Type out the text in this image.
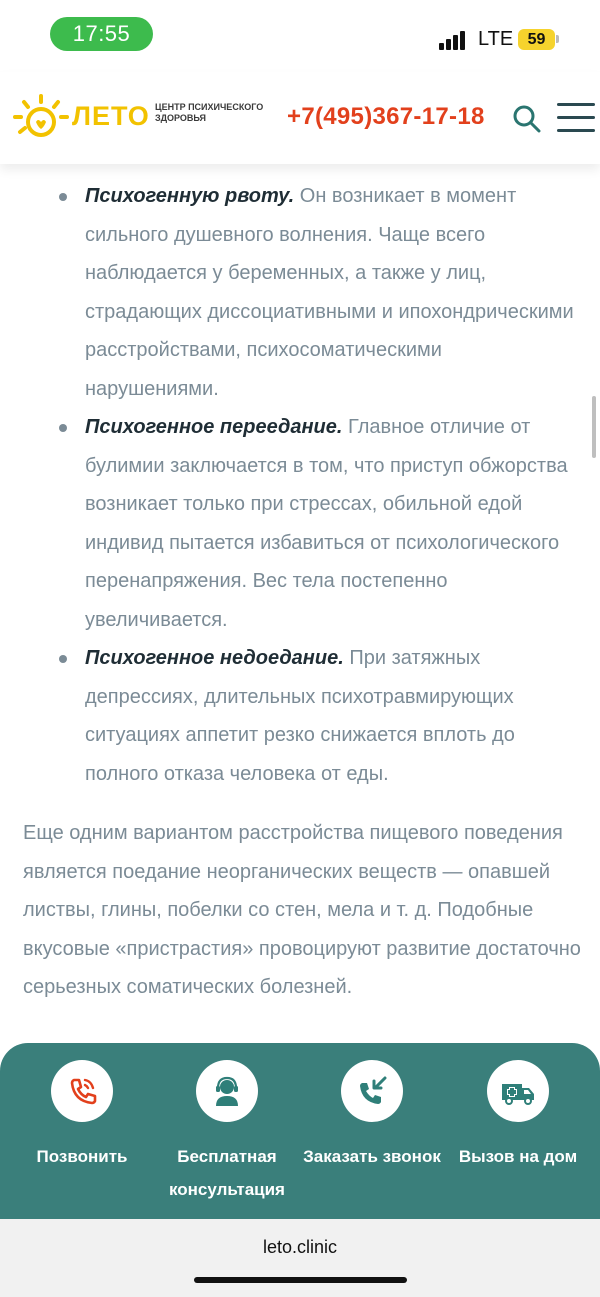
17:55	LTE 59
ЛЕТО ЦЕНТР ПСИХИЧЕСКОГО ЗДОРОВЬЯ	+7(495)367-17-18
Психогенную рвоту. Он возникает в момент сильного душевного волнения. Чаще всего наблюдается у беременных, а также у лиц, страдающих диссоциативными и ипохондрическими расстройствами, психосоматическими нарушениями.
Психогенное переедание. Главное отличие от булимии заключается в том, что приступ обжорства возникает только при стрессах, обильной едой индивид пытается избавиться от психологического перенапряжения. Вес тела постепенно увеличивается.
Психогенное недоедание. При затяжных депрессиях, длительных психотравмирующих ситуациях аппетит резко снижается вплоть до полного отказа человека от еды.

Еще одним вариантом расстройства пищевого поведения является поедание неорганических веществ — опавшей листвы, глины, побелки со стен, мела и т. д. Подобные вкусовые «пристрастия» провоцируют развитие достаточно серьезных соматических болезней.

Позвонить	Бесплатная консультация
Заказать звонок	Вызов на дом
leto.clinic
